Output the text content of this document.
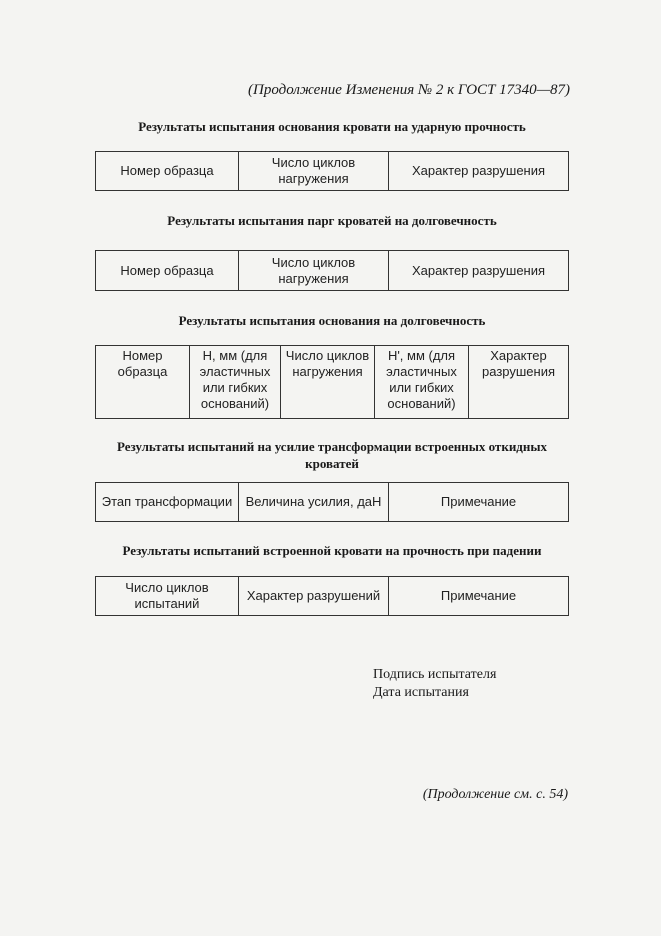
(Продолжение Изменения № 2 к ГОСТ 17340—87)
Результаты испытания основания кровати на ударную прочность
Номер образца	Число циклов нагружения	Характер разрушения
Результаты испытания парг кроватей на долговечность
Номер образца	Число циклов нагружения	Характер разрушения
Результаты испытания основания на долговечность
Номер образца	Н, мм (для эластичных или гибких оснований)	Число циклов нагружения	Н', мм (для эластичных или гибких оснований)	Характер разрушения
Результаты испытаний на усилие трансформации встроенных откидных кроватей
Этап трансформации	Величина усилия, даН	Примечание
Результаты испытаний встроенной кровати на прочность при падении
Число циклов испытаний	Характер разрушений	Примечание
Подпись испытателя
Дата испытания
(Продолжение см. с. 54)
